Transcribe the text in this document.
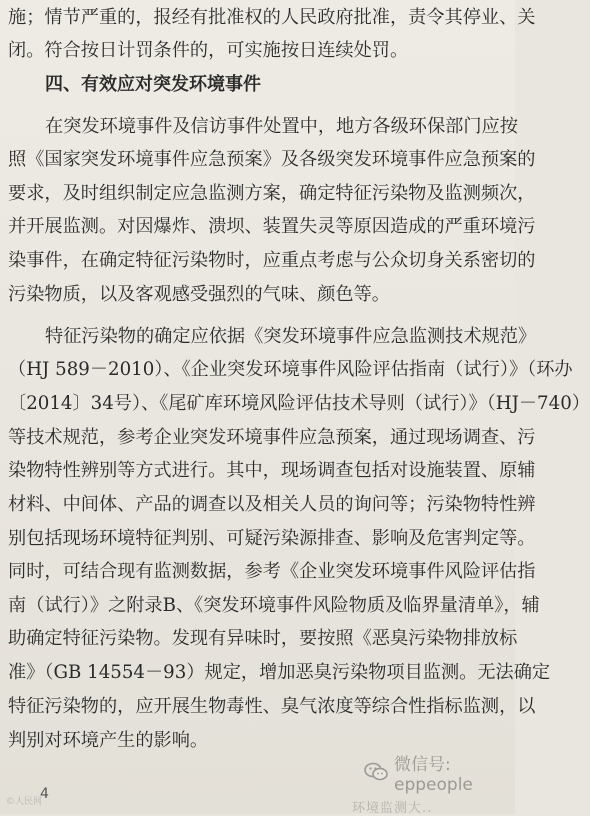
施；情节严重的，报经有批准权的人民政府批准，责令其停业、关
闭。符合按日计罚条件的，可实施按日连续处罚。
四、有效应对突发环境事件
在突发环境事件及信访事件处置中，地方各级环保部门应按
照《国家突发环境事件应急预案》及各级突发环境事件应急预案的
要求，及时组织制定应急监测方案，确定特征污染物及监测频次，
并开展监测。对因爆炸、溃坝、装置失灵等原因造成的严重环境污
染事件，在确定特征污染物时，应重点考虑与公众切身关系密切的
污染物质，以及客观感受强烈的气味、颜色等。
特征污染物的确定应依据《突发环境事件应急监测技术规范》
（HJ 589－2010）、《企业突发环境事件风险评估指南（试行）》（环办
〔2014〕34号）、《尾矿库环境风险评估技术导则（试行）》（HJ－740）
等技术规范，参考企业突发环境事件应急预案，通过现场调查、污
染物特性辨别等方式进行。其中，现场调查包括对设施装置、原辅
材料、中间体、产品的调查以及相关人员的询问等；污染物特性辨
别包括现场环境特征判别、可疑污染源排查、影响及危害判定等。
同时，可结合现有监测数据，参考《企业突发环境事件风险评估指
南（试行）》之附录B、《突发环境事件风险物质及临界量清单》，辅
助确定特征污染物。发现有异味时，要按照《恶臭污染物排放标
准》（GB 14554－93）规定，增加恶臭污染物项目监测。无法确定
特征污染物的，应开展生物毒性、臭气浓度等综合性指标监测，以
判别对环境产生的影响。
微信号: eppeople
©人民网
4
环境监测大..
